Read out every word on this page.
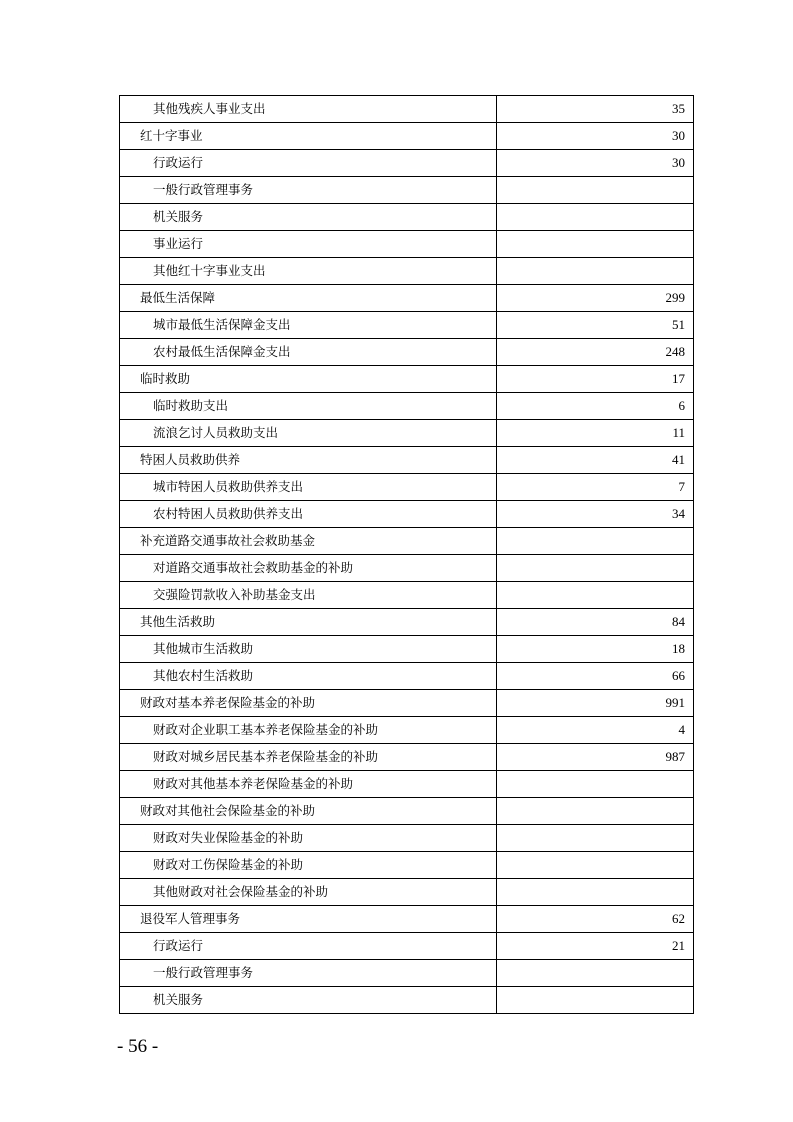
其他残疾人事业支出	35
红十字事业	30
行政运行	30
一般行政管理事务	
机关服务	
事业运行	
其他红十字事业支出	
最低生活保障	299
城市最低生活保障金支出	51
农村最低生活保障金支出	248
临时救助	17
临时救助支出	6
流浪乞讨人员救助支出	11
特困人员救助供养	41
城市特困人员救助供养支出	7
农村特困人员救助供养支出	34
补充道路交通事故社会救助基金	
对道路交通事故社会救助基金的补助	
交强险罚款收入补助基金支出	
其他生活救助	84
其他城市生活救助	18
其他农村生活救助	66
财政对基本养老保险基金的补助	991
财政对企业职工基本养老保险基金的补助	4
财政对城乡居民基本养老保险基金的补助	987
财政对其他基本养老保险基金的补助	
财政对其他社会保险基金的补助	
财政对失业保险基金的补助	
财政对工伤保险基金的补助	
其他财政对社会保险基金的补助	
退役军人管理事务	62
行政运行	21
一般行政管理事务	
机关服务	
- 56 -
